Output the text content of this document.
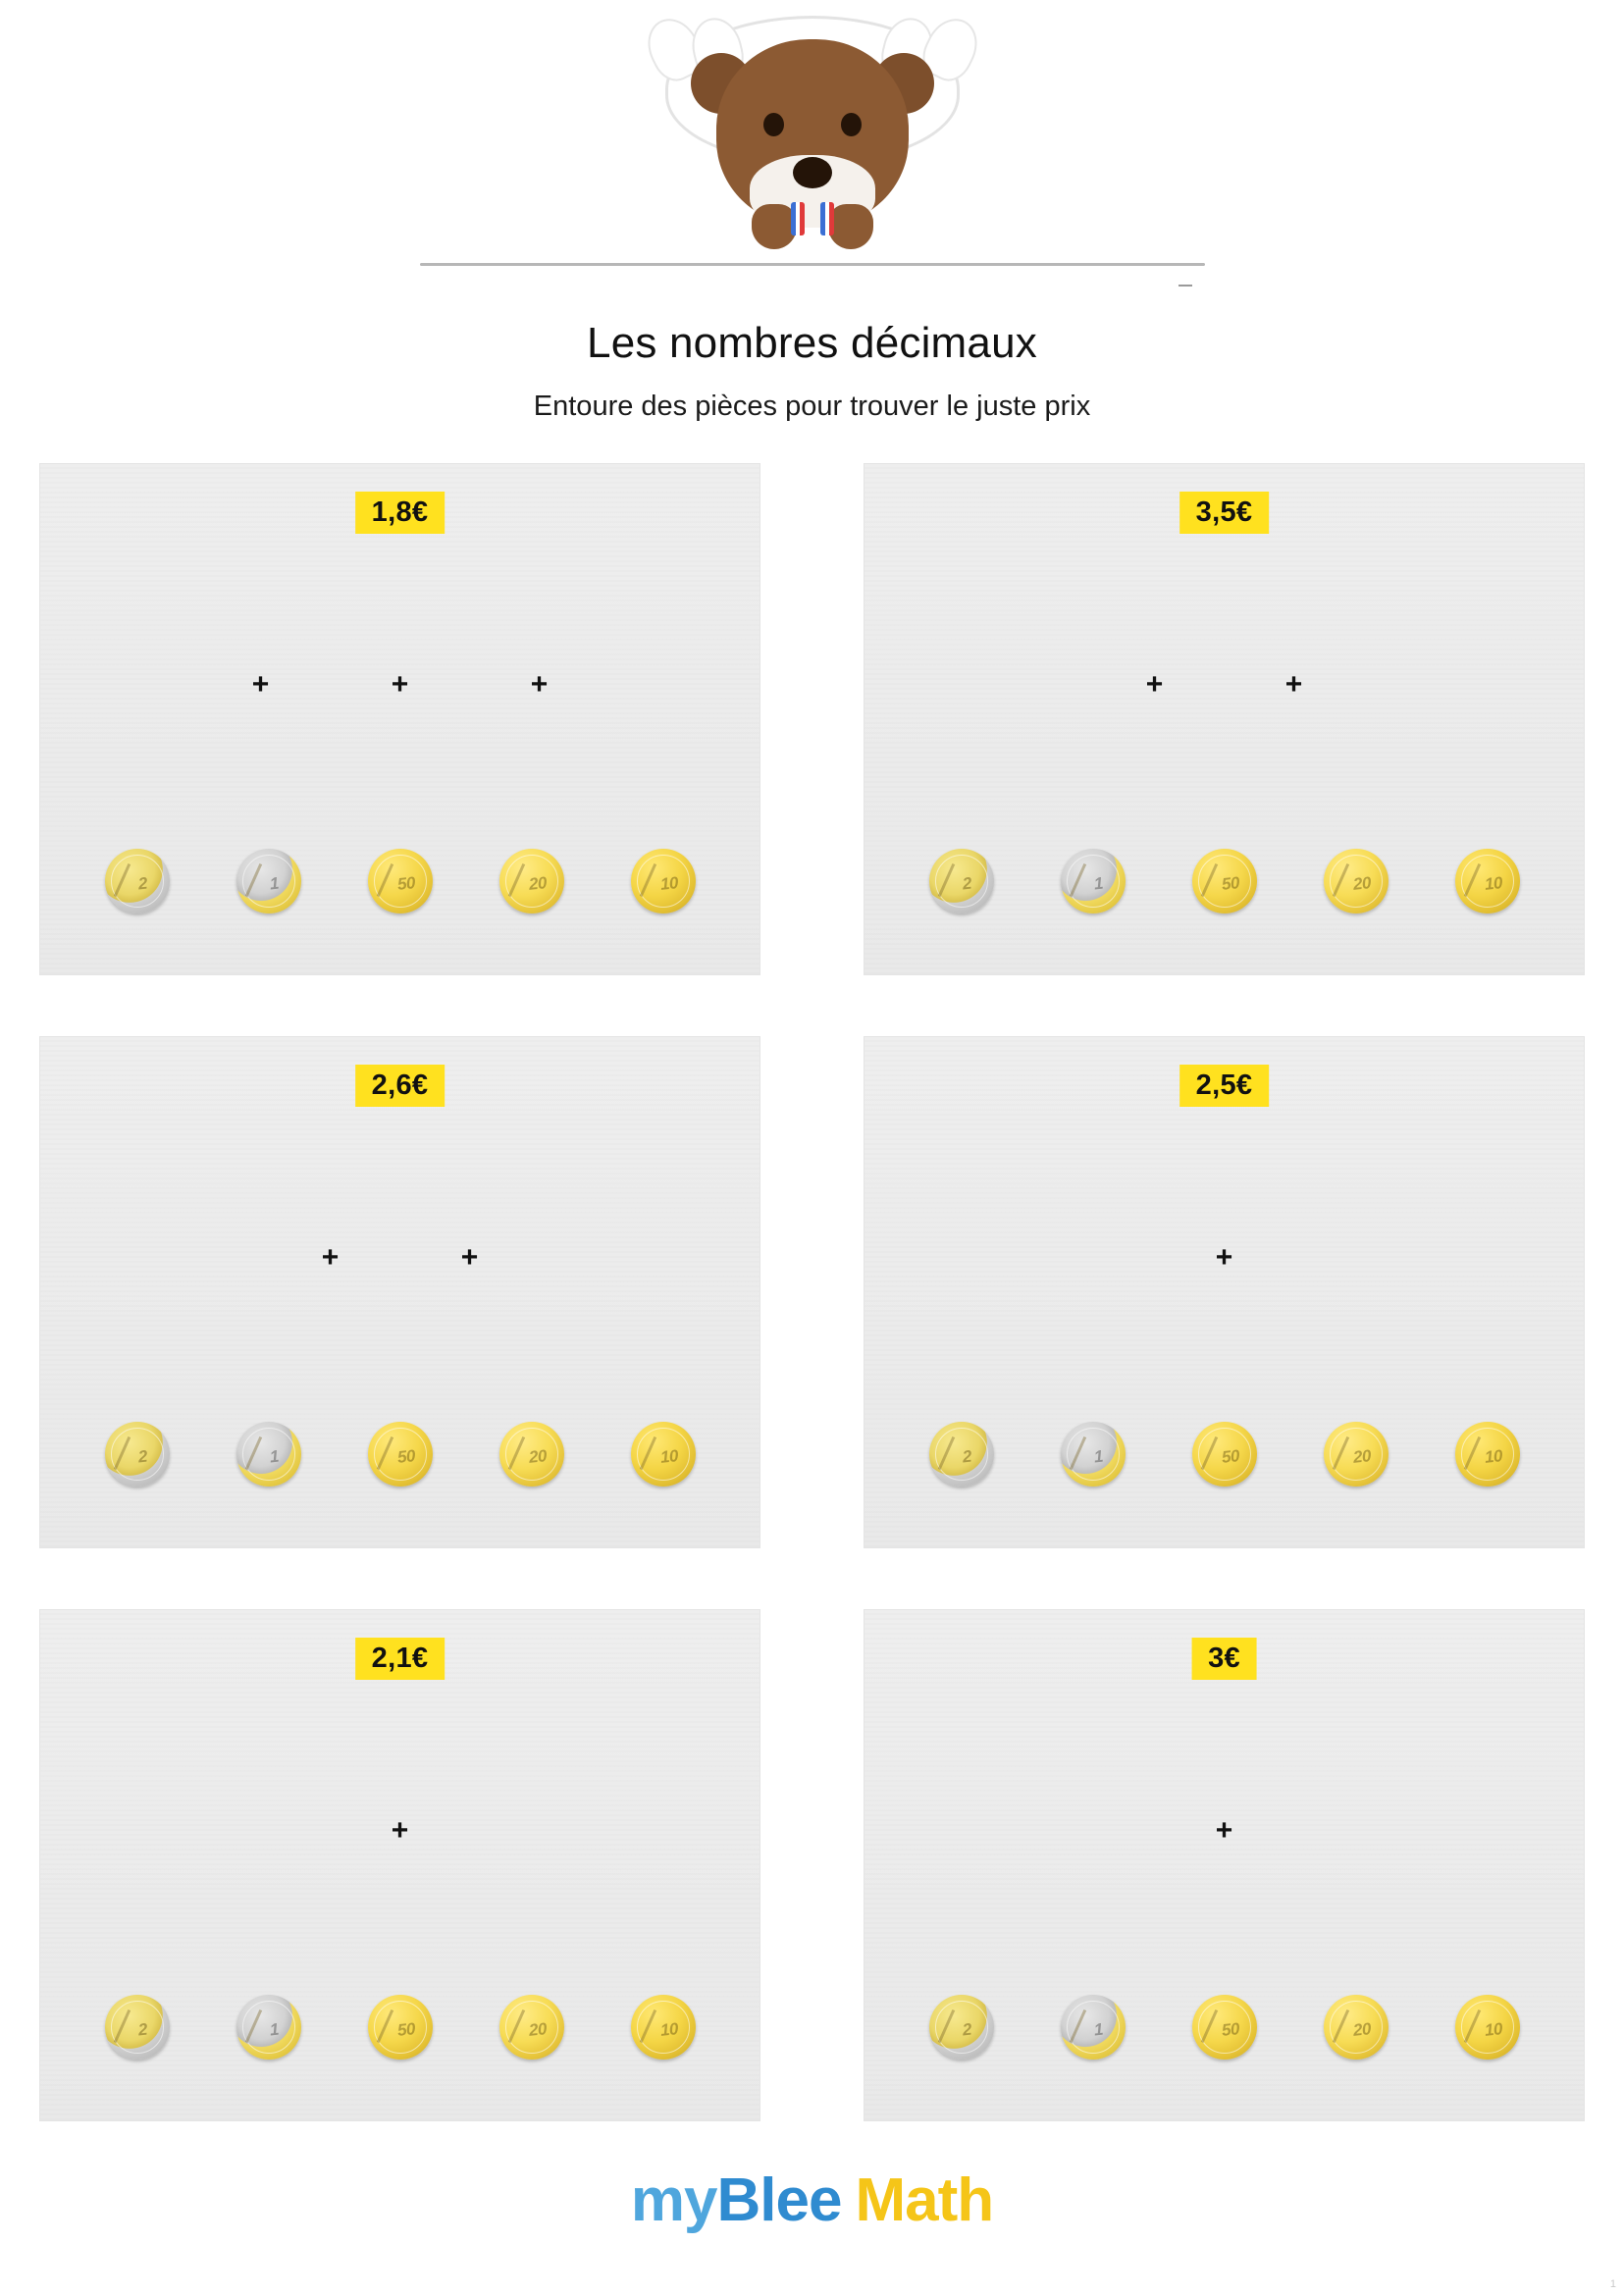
Les nombres décimaux
Entoure des pièces pour trouver le juste prix
1,8€
+	+	+
2	1	50	20	10
3,5€
+	+
2	1	50	20	10
2,6€
+	+
2	1	50	20	10
2,5€
+
2	1	50	20	10
2,1€
+
2	1	50	20	10
3€
+
2	1	50	20	10
myBlee Math
1
